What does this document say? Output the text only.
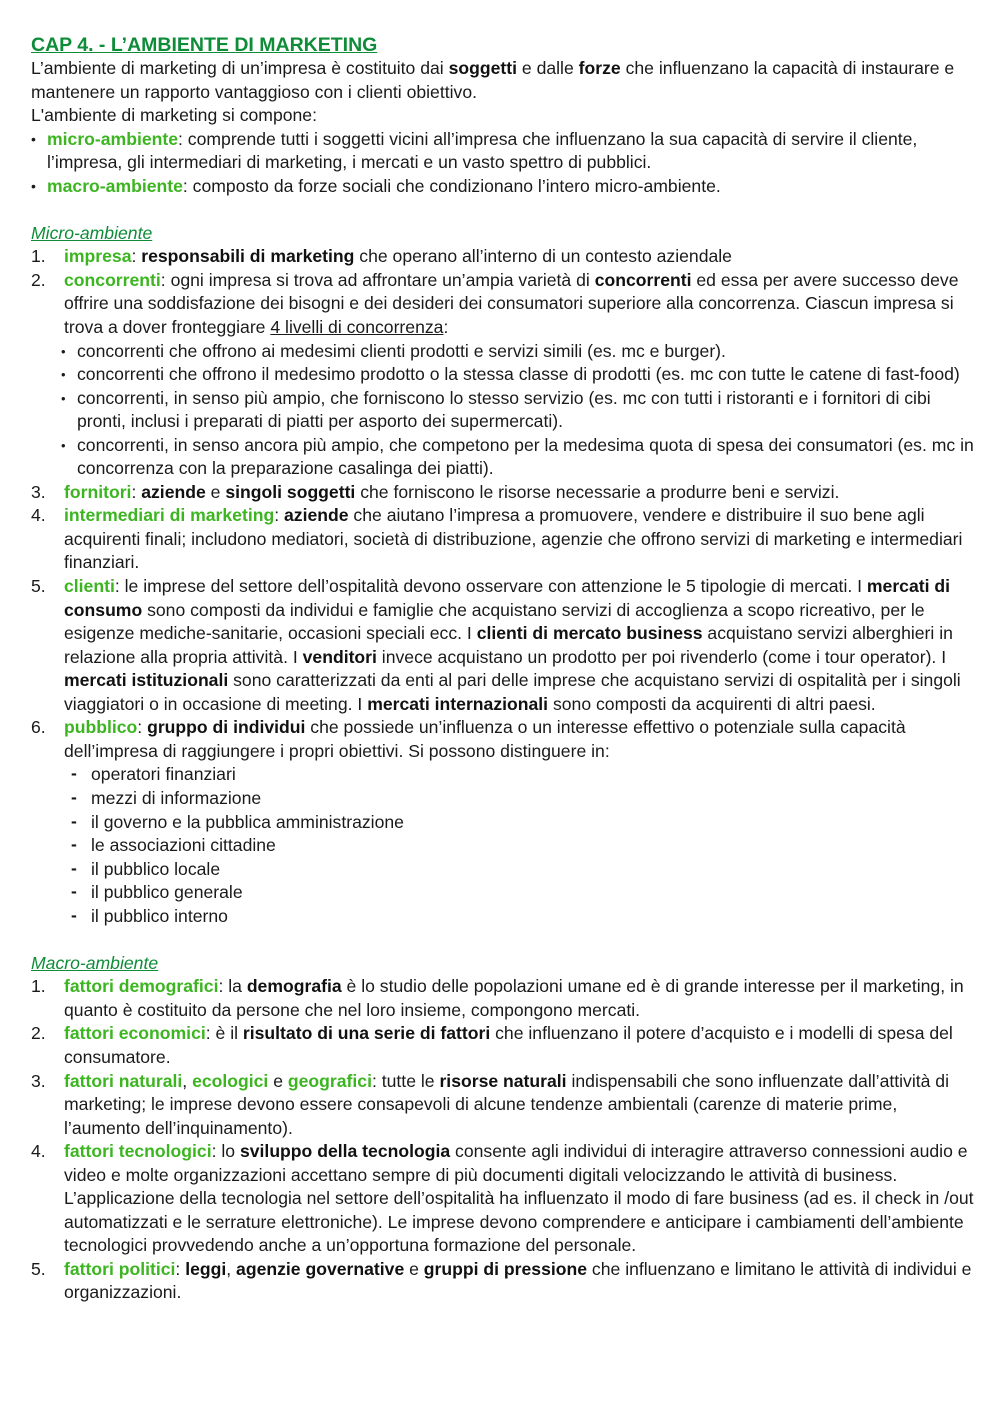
CAP 4. - L’AMBIENTE DI MARKETING

L’ambiente di marketing di un’impresa è costituito dai soggetti e dalle forze che influenzano la capacità di instaurare e mantenere un rapporto vantaggioso con i clienti obiettivo.

L'ambiente di marketing si compone:

• micro-ambiente: comprende tutti i soggetti vicini all’impresa che influenzano la sua capacità di servire il cliente, l’impresa, gli intermediari di marketing, i mercati e un vasto spettro di pubblici.
• macro-ambiente: composto da forze sociali che condizionano l’intero micro-ambiente.

Micro-ambiente

1. impresa: responsabili di marketing che operano all’interno di un contesto aziendale
2. concorrenti: ogni impresa si trova ad affrontare un’ampia varietà di concorrenti ed essa per avere successo deve offrire una soddisfazione dei bisogni e dei desideri dei consumatori superiore alla concorrenza. Ciascun impresa si trova a dover fronteggiare 4 livelli di concorrenza:
• concorrenti che offrono ai medesimi clienti prodotti e servizi simili (es. mc e burger).
• concorrenti che offrono il medesimo prodotto o la stessa classe di prodotti (es. mc con tutte le catene di fast-food)
• concorrenti, in senso più ampio, che forniscono lo stesso servizio (es. mc con tutti i ristoranti e i fornitori di cibi pronti, inclusi i preparati di piatti per asporto dei supermercati).
• concorrenti, in senso ancora più ampio, che competono per la medesima quota di spesa dei consumatori (es. mc in concorrenza con la preparazione casalinga dei piatti).
3. fornitori: aziende e singoli soggetti che forniscono le risorse necessarie a produrre beni e servizi.
4. intermediari di marketing: aziende che aiutano l’impresa a promuovere, vendere e distribuire il suo bene agli acquirenti finali; includono mediatori, società di distribuzione, agenzie che offrono servizi di marketing e intermediari finanziari.
5. clienti: le imprese del settore dell’ospitalità devono osservare con attenzione le 5 tipologie di mercati. I mercati di consumo sono composti da individui e famiglie che acquistano servizi di accoglienza a scopo ricreativo, per le esigenze mediche-sanitarie, occasioni speciali ecc. I clienti di mercato business acquistano servizi alberghieri in relazione alla propria attività. I venditori invece acquistano un prodotto per poi rivenderlo (come i tour operator). I mercati istituzionali sono caratterizzati da enti al pari delle imprese che acquistano servizi di ospitalità per i singoli viaggiatori o in occasione di meeting. I mercati internazionali sono composti da acquirenti di altri paesi.
6. pubblico: gruppo di individui che possiede un’influenza o un interesse effettivo o potenziale sulla capacità dell’impresa di raggiungere i propri obiettivi. Si possono distinguere in:
- operatori finanziari
- mezzi di informazione
- il governo e la pubblica amministrazione
- le associazioni cittadine
- il pubblico locale
- il pubblico generale
- il pubblico interno

Macro-ambiente

1. fattori demografici: la demografia è lo studio delle popolazioni umane ed è di grande interesse per il marketing, in quanto è costituito da persone che nel loro insieme, compongono mercati.
2. fattori economici: è il risultato di una serie di fattori che influenzano il potere d’acquisto e i modelli di spesa del consumatore.
3. fattori naturali, ecologici e geografici: tutte le risorse naturali indispensabili che sono influenzate dall’attività di marketing; le imprese devono essere consapevoli di alcune tendenze ambientali (carenze di materie prime, l’aumento dell’inquinamento).
4. fattori tecnologici: lo sviluppo della tecnologia consente agli individui di interagire attraverso connessioni audio e video e molte organizzazioni accettano sempre di più documenti digitali velocizzando le attività di business. L’applicazione della tecnologia nel settore dell’ospitalità ha influenzato il modo di fare business (ad es. il check in /out automatizzati e le serrature elettroniche). Le imprese devono comprendere e anticipare i cambiamenti dell’ambiente tecnologici provvedendo anche a un’opportuna formazione del personale.
5. fattori politici: leggi, agenzie governative e gruppi di pressione che influenzano e limitano le attività di individui e organizzazioni.
